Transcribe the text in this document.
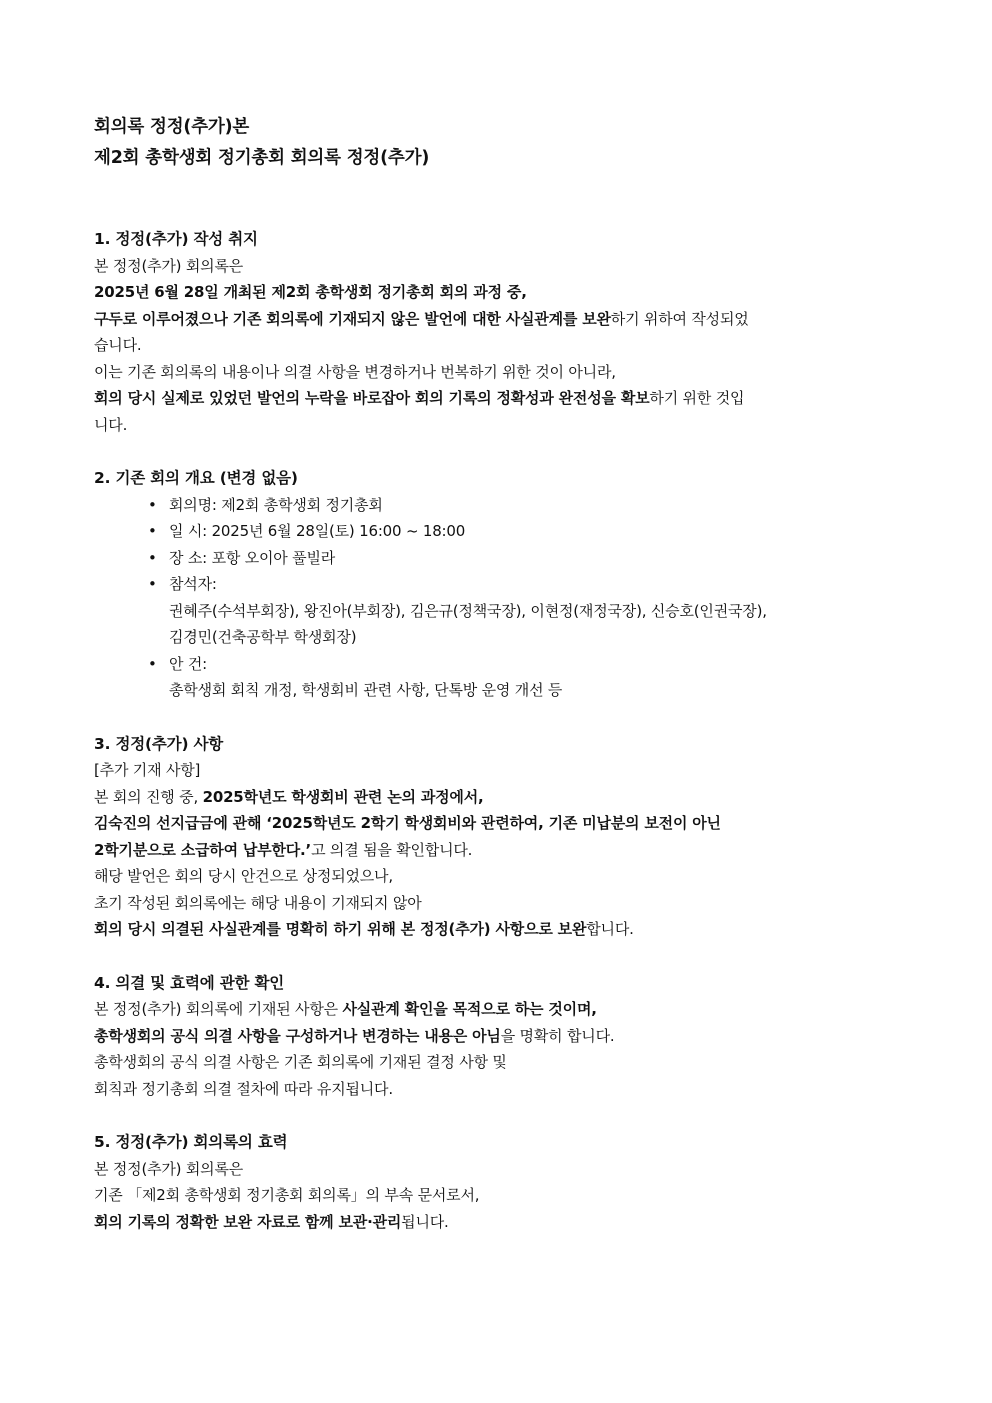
회의록 정정(추가)본

제2회 총학생회 정기총회 회의록 정정(추가)

1. 정정(추가) 작성 취지

본 정정(추가) 회의록은

2025년 6월 28일 개최된 제2회 총학생회 정기총회 회의 과정 중,

구두로 이루어졌으나 기존 회의록에 기재되지 않은 발언에 대한 사실관계를 보완하기 위하여 작성되었

습니다.

이는 기존 회의록의 내용이나 의결 사항을 변경하거나 번복하기 위한 것이 아니라,

회의 당시 실제로 있었던 발언의 누락을 바로잡아 회의 기록의 정확성과 완전성을 확보하기 위한 것입

니다.

2. 기존 회의 개요 (변경 없음)

• 회의명: 제2회 총학생회 정기총회
• 일 시: 2025년 6월 28일(토) 16:00 ~ 18:00
• 장 소: 포항 오이아 풀빌라
• 참석자:
권혜주(수석부회장), 왕진아(부회장), 김은규(정책국장), 이현정(재정국장), 신승호(인권국장),
김경민(건축공학부 학생회장)
• 안 건:
총학생회 회칙 개정, 학생회비 관련 사항, 단톡방 운영 개선 등

3. 정정(추가) 사항

[추가 기재 사항]

본 회의 진행 중, 2025학년도 학생회비 관련 논의 과정에서,

김숙진의 선지급금에 관해 ‘2025학년도 2학기 학생회비와 관련하여, 기존 미납분의 보전이 아닌

2학기분으로 소급하여 납부한다.’고 의결 됨을 확인합니다.

해당 발언은 회의 당시 안건으로 상정되었으나,

초기 작성된 회의록에는 해당 내용이 기재되지 않아

회의 당시 의결된 사실관계를 명확히 하기 위해 본 정정(추가) 사항으로 보완합니다.

4. 의결 및 효력에 관한 확인

본 정정(추가) 회의록에 기재된 사항은 사실관계 확인을 목적으로 하는 것이며,

총학생회의 공식 의결 사항을 구성하거나 변경하는 내용은 아님을 명확히 합니다.

총학생회의 공식 의결 사항은 기존 회의록에 기재된 결정 사항 및

회칙과 정기총회 의결 절차에 따라 유지됩니다.

5. 정정(추가) 회의록의 효력

본 정정(추가) 회의록은

기존 「제2회 총학생회 정기총회 회의록」의 부속 문서로서,

회의 기록의 정확한 보완 자료로 함께 보관·관리됩니다.
